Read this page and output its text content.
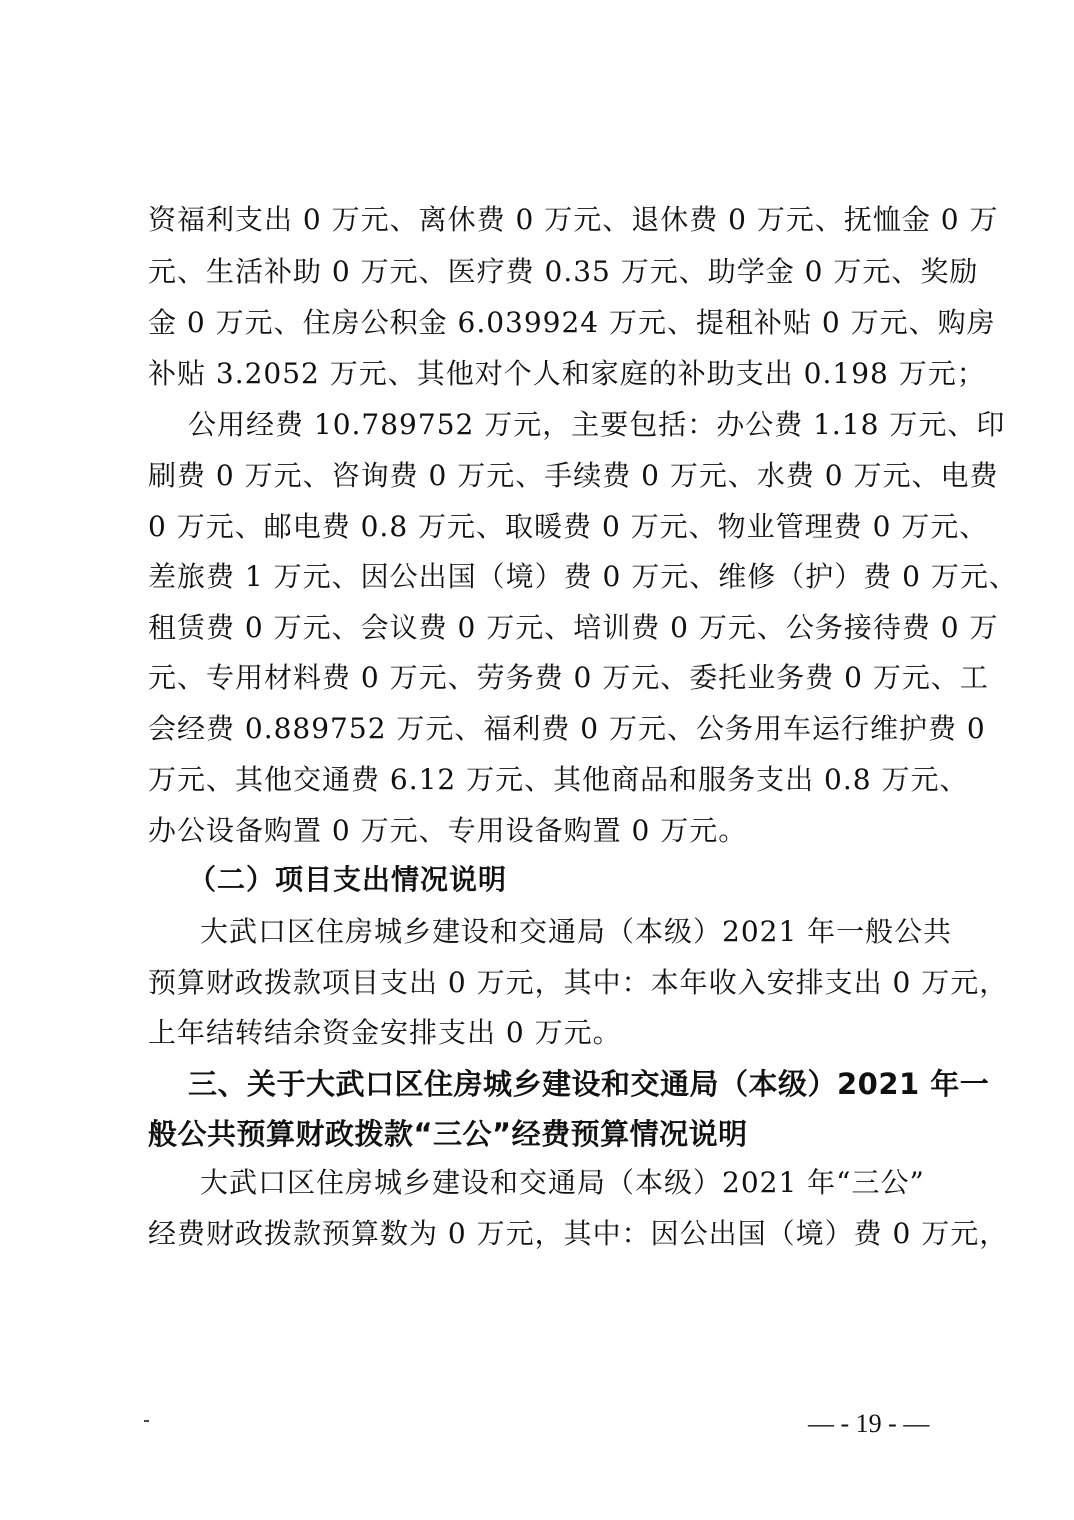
资福利支出 0 万元、离休费 0 万元、退休费 0 万元、抚恤金 0 万
元、生活补助 0 万元、医疗费 0.35 万元、助学金 0 万元、奖励
金 0 万元、住房公积金 6.039924 万元、提租补贴 0 万元、购房
补贴 3.2052 万元、其他对个人和家庭的补助支出 0.198 万元；
公用经费 10.789752 万元，主要包括：办公费 1.18 万元、印
刷费 0 万元、咨询费 0 万元、手续费 0 万元、水费 0 万元、电费
0 万元、邮电费 0.8 万元、取暖费 0 万元、物业管理费 0 万元、
差旅费 1 万元、因公出国（境）费 0 万元、维修（护）费 0 万元、
租赁费 0 万元、会议费 0 万元、培训费 0 万元、公务接待费 0 万
元、专用材料费 0 万元、劳务费 0 万元、委托业务费 0 万元、工
会经费 0.889752 万元、福利费 0 万元、公务用车运行维护费 0
万元、其他交通费 6.12 万元、其他商品和服务支出 0.8 万元、
办公设备购置 0 万元、专用设备购置 0 万元。
（二）项目支出情况说明
大武口区住房城乡建设和交通局（本级）2021 年一般公共
预算财政拨款项目支出 0 万元，其中：本年收入安排支出 0 万元，
上年结转结余资金安排支出 0 万元。
三、关于大武口区住房城乡建设和交通局（本级）2021 年一
般公共预算财政拨款“三公”经费预算情况说明
大武口区住房城乡建设和交通局（本级）2021 年“三公”
经费财政拨款预算数为 0 万元，其中：因公出国（境）费 0 万元，
— - 19 - —
